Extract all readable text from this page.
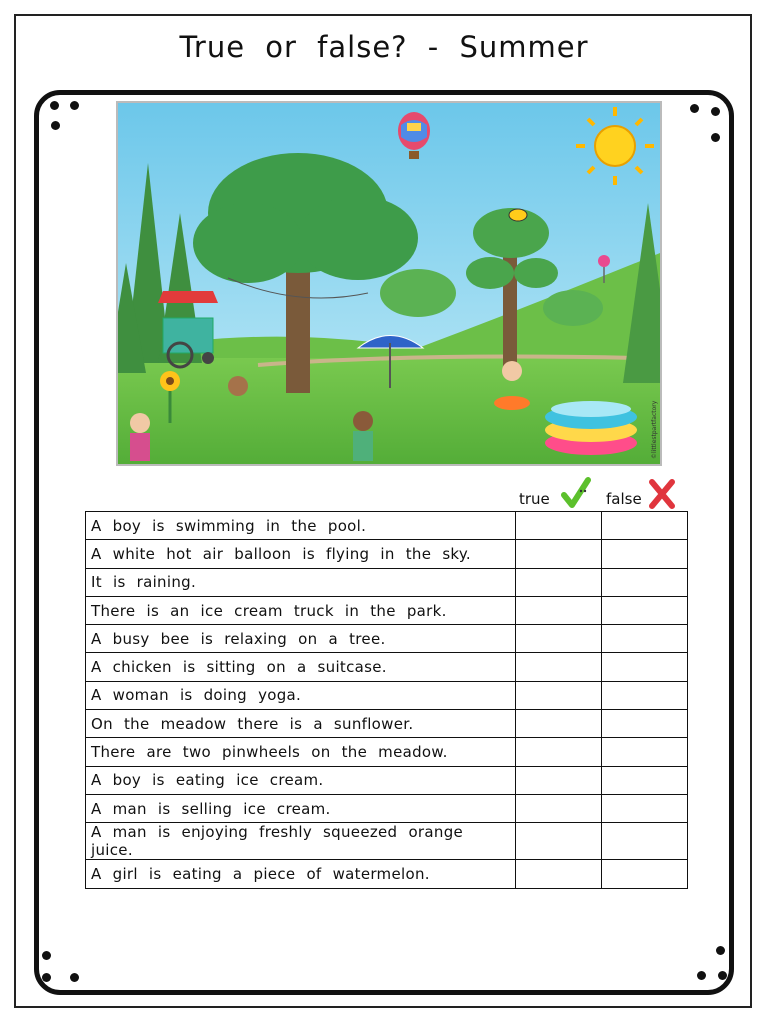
True or false? - Summer
©littlestpartfactory
true	false
A boy is swimming in the pool.		
A white hot air balloon is flying in the sky.		
It is raining.		
There is an ice cream truck in the park.		
A busy bee is relaxing on a tree.		
A chicken is sitting on a suitcase.		
A woman is doing yoga.		
On the meadow there is a sunflower.		
There are two pinwheels on the meadow.		
A boy is eating ice cream.		
A man is selling ice cream.		
A man is enjoying freshly squeezed orange juice.		
A girl is eating a piece of watermelon.		
